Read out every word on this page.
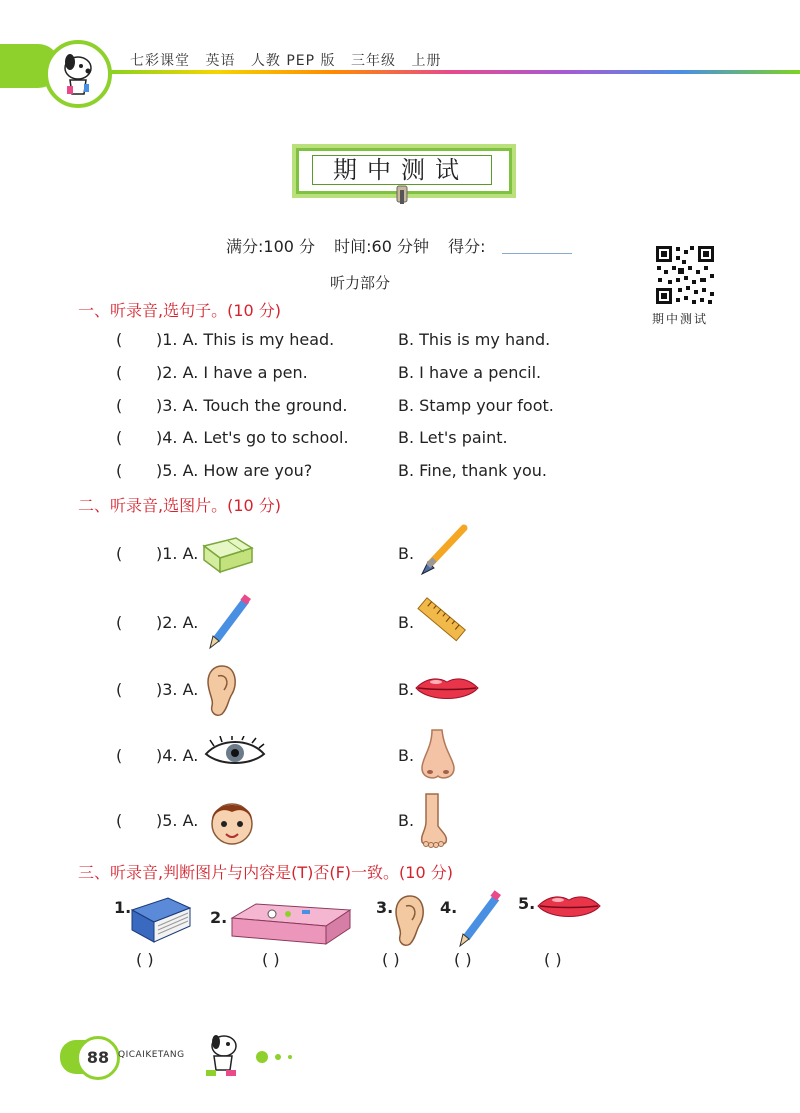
七彩课堂 英语 人教 PEP 版 三年级 上册
期中测试
满分:100 分 时间:60 分钟 得分:
期中测试
听力部分
一、听录音,选句子。(10 分)
( )1. A. This is my head.	B. This is my hand.
( )2. A. I have a pen.	B. I have a pencil.
( )3. A. Touch the ground.	B. Stamp your foot.
( )4. A. Let's go to school.	B. Let's paint.
( )5. A. How are you?	B. Fine, thank you.
二、听录音,选图片。(10 分)
( )1. A.	B.
( )2. A.	B.
( )3. A.	B.
( )4. A.	B.
( )5. A.	B.
三、听录音,判断图片与内容是(T)否(F)一致。(10 分)
1.
( )
2.
( )
3.
( )
4.
( )
5.
( )
88 QICAIKETANG
